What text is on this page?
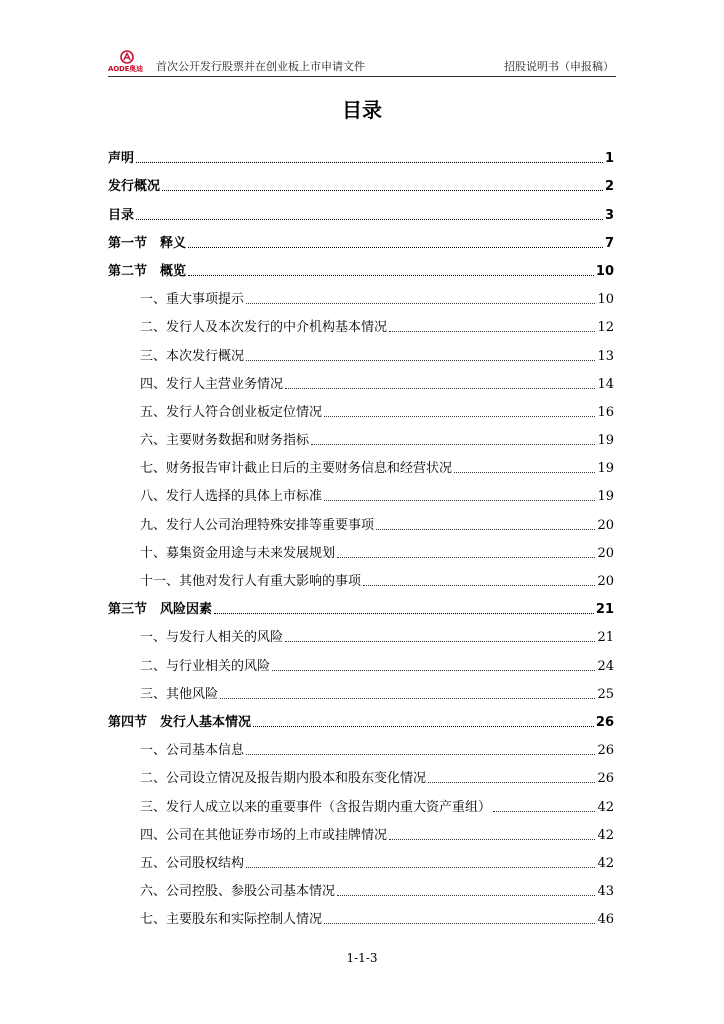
AODE奥迪 首次公开发行股票并在创业板上市申请文件	招股说明书（申报稿）
目录
声明	1
发行概况	2
目录	3
第一节　释义	7
第二节　概览	10
一、重大事项提示	10
二、发行人及本次发行的中介机构基本情况	12
三、本次发行概况	13
四、发行人主营业务情况	14
五、发行人符合创业板定位情况	16
六、主要财务数据和财务指标	19
七、财务报告审计截止日后的主要财务信息和经营状况	19
八、发行人选择的具体上市标准	19
九、发行人公司治理特殊安排等重要事项	20
十、募集资金用途与未来发展规划	20
十一、其他对发行人有重大影响的事项	20
第三节　风险因素	21
一、与发行人相关的风险	21
二、与行业相关的风险	24
三、其他风险	25
第四节　发行人基本情况	26
一、公司基本信息	26
二、公司设立情况及报告期内股本和股东变化情况	26
三、发行人成立以来的重要事件（含报告期内重大资产重组）	42
四、公司在其他证券市场的上市或挂牌情况	42
五、公司股权结构	42
六、公司控股、参股公司基本情况	43
七、主要股东和实际控制人情况	46
1-1-3
